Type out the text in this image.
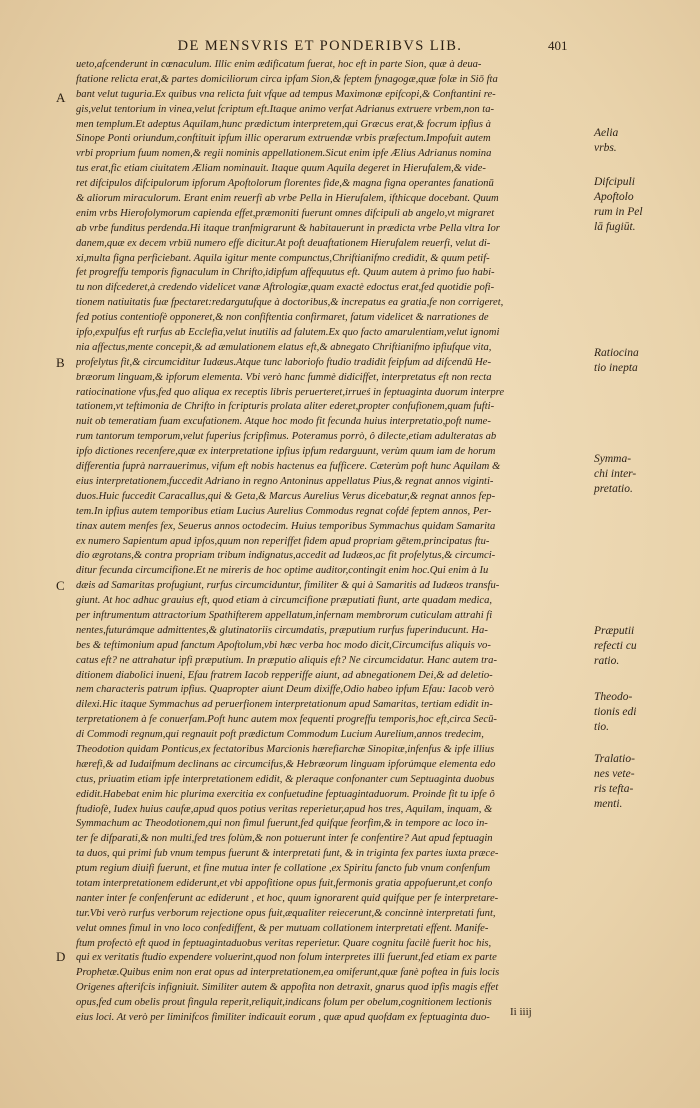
DE MENSVRIS ET PONDERIBVS LIB.	401
A
B
C
D
ueto,afcenderunt in cœnaculum. Illic enim ædificatum fuerat, hoc eft in parte Sion, quæ à deua-
ftatione relicta erat,& partes domiciliorum circa ipfam Sion,& feptem fynagogæ,quæ folæ in Siō fta
bant velut tuguria.Ex quibus vna relicta fuit vfque ad tempus Maximonæ epifcopi,& Conftantini re-
gis,velut tentorium in vinea,velut fcriptum eft.Itaque animo verfat Adrianus extruere vrbem,non ta-
men templum.Et adeptus Aquilam,hunc prædictum interpretem,qui Græcus erat,& focrum ipfius à
Sinope Ponti oriundum,conftituit ipfum illic operarum extruendæ vrbis præfectum.Impofuit autem
vrbi proprium fuum nomen,& regii nominis appellationem.Sicut enim ipfe Ælius Adrianus nomina
tus erat,fic etiam ciuitatem Æliam nominauit. Itaque quum Aquila degeret in Hierufalem,& vide-
ret difcipulos difcipulorum ipforum Apoftolorum florentes fide,& magna figna operantes fanationū
& aliorum miraculorum. Erant enim reuerfi ab vrbe Pella in Hierufalem, ifthicque docebant. Quum
enim vrbs Hierofolymorum capienda effet,præmoniti fuerunt omnes difcipuli ab angelo,vt migraret
ab vrbe funditus perdenda.Hi itaque tranfmigrarunt & habitauerunt in prædicta vrbe Pella vltra Ior
danem,quæ ex decem vrbiū numero effe dicitur.At poft deuaftationem Hierufalem reuerfi, velut di-
xi,multa figna perficiebant. Aquila igitur mente compunctus,Chriftianifmo credidit, & quum petif-
fet progreffu temporis fignaculum in Chrifto,idipfum affequutus eft. Quum autem à primo fuo habi-
tu non difcederet,à credendo videlicet vanæ Aftrologiæ,quam exactè edoctus erat,fed quotidie pofi-
tionem natiuitatis fuæ fpectaret:redargutufque à doctoribus,& increpatus ea gratia,fe non corrigeret,
fed potius contentiofè opponeret,& non confiftentia confirmaret, fatum videlicet & narrationes de
ipfo,expulfus eft rurfus ab Ecclefia,velut inutilis ad falutem.Ex quo facto amarulentiam,velut ignomi
nia affectus,mente concepit,& ad æmulationem elatus eft,& abnegato Chriftianifmo ipfiufque vita,
profelytus fit,& circumciditur Iudæus.Atque tunc laboriofo ftudio tradidit feipfum ad difcendū He-
bræorum linguam,& ipforum elementa. Vbi verò hanc fummè didiciffet, interpretatus eft non recta
ratiocinatione vfus,fed quo aliqua ex receptis libris peruerteret,irrueś in feptuaginta duorum interpre
tationem,vt teftimonia de Chrifto in fcripturis prolata aliter ederet,propter confufionem,quam fufti-
nuit ob temeratiam fuam excufationem. Atque hoc modo fit fecunda huius interpretatio,poft nume-
rum tantorum temporum,velut fuperius fcripfimus. Poteramus porrò, ô dilecte,etiam adulteratas ab
ipfo dictiones recenfere,quæ ex interpretatione ipfius ipfum redarguunt, verùm quum iam de horum
differentia fuprà narrauerimus, vifum eft nobis hactenus ea fufficere. Cæterùm poft hunc Aquilam &
eius interpretationem,fuccedit Adriano in regno Antoninus appellatus Pius,& regnat annos viginti-
duos.Huic fuccedit Caracallus,qui & Geta,& Marcus Aurelius Verus dicebatur,& regnat annos fep-
tem.In ipfius autem temporibus etiam Lucius Aurelius Commodus regnat cofdé feptem annos, Per-
tinax autem menfes fex, Seuerus annos octodecim. Huius temporibus Symmachus quidam Samarita
ex numero Sapientum apud ipfos,quum non reperiffet fidem apud propriam gētem,principatus ftu-
dio ægrotans,& contra propriam tribum indignatus,accedit ad Iudæos,ac fit profelytus,& circumci-
ditur fecunda circumcifione.Et ne mireris de hoc optime auditor,contingit enim hoc.Qui enim à Iu
dæis ad Samaritas profugiunt, rurfus circumciduntur, fimiliter & qui à Samaritis ad Iudæos transfu-
giunt. At hoc adhuc grauius eft, quod etiam à circumcifione præputiati fiunt, arte quadam medica,
per inftrumentum attractorium Spathifterem appellatum,infernam membrorum cuticulam attrahi fi
nentes,futurámque admittentes,& glutinatoriis circumdatis, præputium rurfus fuperinducunt. Ha-
bes & teftimonium apud fanctum Apoftolum,vbi hæc verba hoc modo dicit,Circumcifus aliquis vo-
catus eft? ne attrahatur ipfi præputium. In præputio aliquis eft? Ne circumcidatur. Hanc autem tra-
ditionem diabolici inueni, Efau fratrem Iacob repperiffe aiunt, ad abnegationem Dei,& ad deletio-
nem characteris patrum ipfius. Quapropter aiunt Deum dixiffe,Odio habeo ipfum Efau: Iacob verò
dilexi.Hic itaque Symmachus ad peruerfionem interpretationum apud Samaritas, tertiam edidit in-
terpretationem à fe conuerfam.Poft hunc autem mox fequenti progreffu temporis,hoc eft,circa Secū-
di Commodi regnum,qui regnauit poft prædictum Commodum Lucium Aurelium,annos tredecim,
Theodotion quidam Ponticus,ex fectatoribus Marcionis hærefiarchæ Sinopitæ,infenfus & ipfe illius
hærefi,& ad Iudaifmum declinans ac circumcifus,& Hebræorum linguam ipforúmque elementa edo
ctus, priuatim etiam ipfe interpretationem edidit, & pleraque confonanter cum Septuaginta duobus
edidit.Habebat enim hic plurima exercitia ex confuetudine feptuagintaduorum. Proinde fit tu ipfe ô
ftudiofè, Iudex huius caufæ,apud quos potius veritas reperietur,apud hos tres, Aquilam, inquam, &
Symmachum ac Theodotionem,qui non fimul fuerunt,fed quifque feorfim,& in tempore ac loco in-
ter fe difparati,& non multi,fed tres folùm,& non potuerunt inter fe confentire? Aut apud feptuagin
ta duos, qui primi fub vnum tempus fuerunt & interpretati funt, & in triginta fex partes iuxta præce-
ptum regium diuifi fuerunt, et fine mutua inter fe collatione ,ex Spiritu fancto fub vnum confenfum
totam interpretationem ediderunt,et vbi appofitione opus fuit,fermonis gratia appofuerunt,et confo
nanter inter fe confenferunt ac ediderunt , et hoc, quum ignorarent quid quifque per fe interpretare-
tur.Vbi verò rurfus verborum rejectione opus fuit,æqualiter reiecerunt,& concinnè interpretati funt,
velut omnes fimul in vno loco confediffent, & per mutuam collationem interpretati effent. Manife-
ftum profectò eft quod in feptuagintaduobus veritas reperietur. Quare cognitu facilè fuerit hoc his,
qui ex veritatis ftudio expendere voluerint,quod non folum interpretes illi fuerunt,fed etiam ex parte
Prophetæ.Quibus enim non erat opus ad interpretationem,ea omiferunt,quæ fanè poftea in fuis locis
Origenes afterifcis infigniuit. Similiter autem & appofita non detraxit, gnarus quod ipfis magis effet
opus,fed cum obelis prout fingula reperit,reliquit,indicans folum per obelum,cognitionem lectionis
eius loci. At verò per liminifcos fimiliter indicauit eorum , quæ apud quofdam ex feptuaginta duo-
Aelia
vrbs.
Difcipuli
Apoftolo
rum in Pel
lā fugiūt.
Ratiocina
tio inepta
Symma-
chi inter-
pretatio.
Præputii
refecti cu
ratio.
Theodo-
tionis edi
tio.
Tralatio-
nes vete-
ris tefta-
menti.
Ii iiij
